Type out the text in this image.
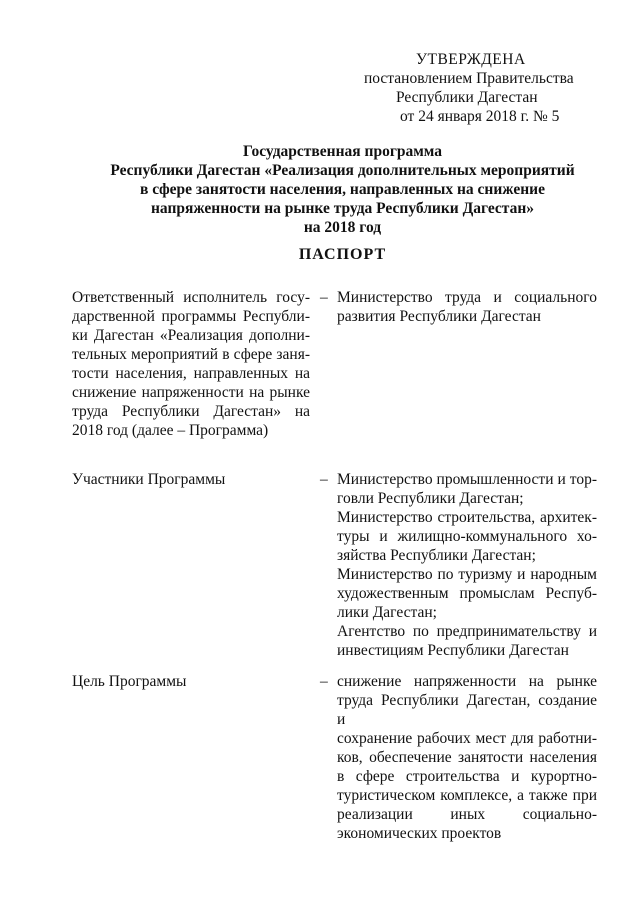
УТВЕРЖДЕНА
постановлением Правительства
Республики Дагестан
от 24 января 2018 г. № 5
Государственная программа
Республики Дагестан «Реализация дополнительных мероприятий
в сфере занятости населения, направленных на снижение
напряженности на рынке труда Республики Дагестан»
на 2018 год
ПАСПОРТ
Ответственный исполнитель госу-
дарственной программы Республи-
ки Дагестан «Реализация дополни-
тельных мероприятий в сфере заня-
тости населения, направленных на
снижение напряженности на рынке
труда Республики Дагестан» на
2018 год (далее – Программа)
– Министерство труда и социального
развития Республики Дагестан
Участники Программы	– Министерство промышленности и тор-
говли Республики Дагестан;
Министерство строительства, архитек-
туры и жилищно-коммунального хо-
зяйства Республики Дагестан;
Министерство по туризму и народным
художественным промыслам Респуб-
лики Дагестан;
Агентство по предпринимательству и
инвестициям Республики Дагестан
Цель Программы	– снижение напряженности на рынке
труда Республики Дагестан, создание и
сохранение рабочих мест для работни-
ков, обеспечение занятости населения
в сфере строительства и курортно-
туристическом комплексе, а также при
реализации иных социально-
экономических проектов
